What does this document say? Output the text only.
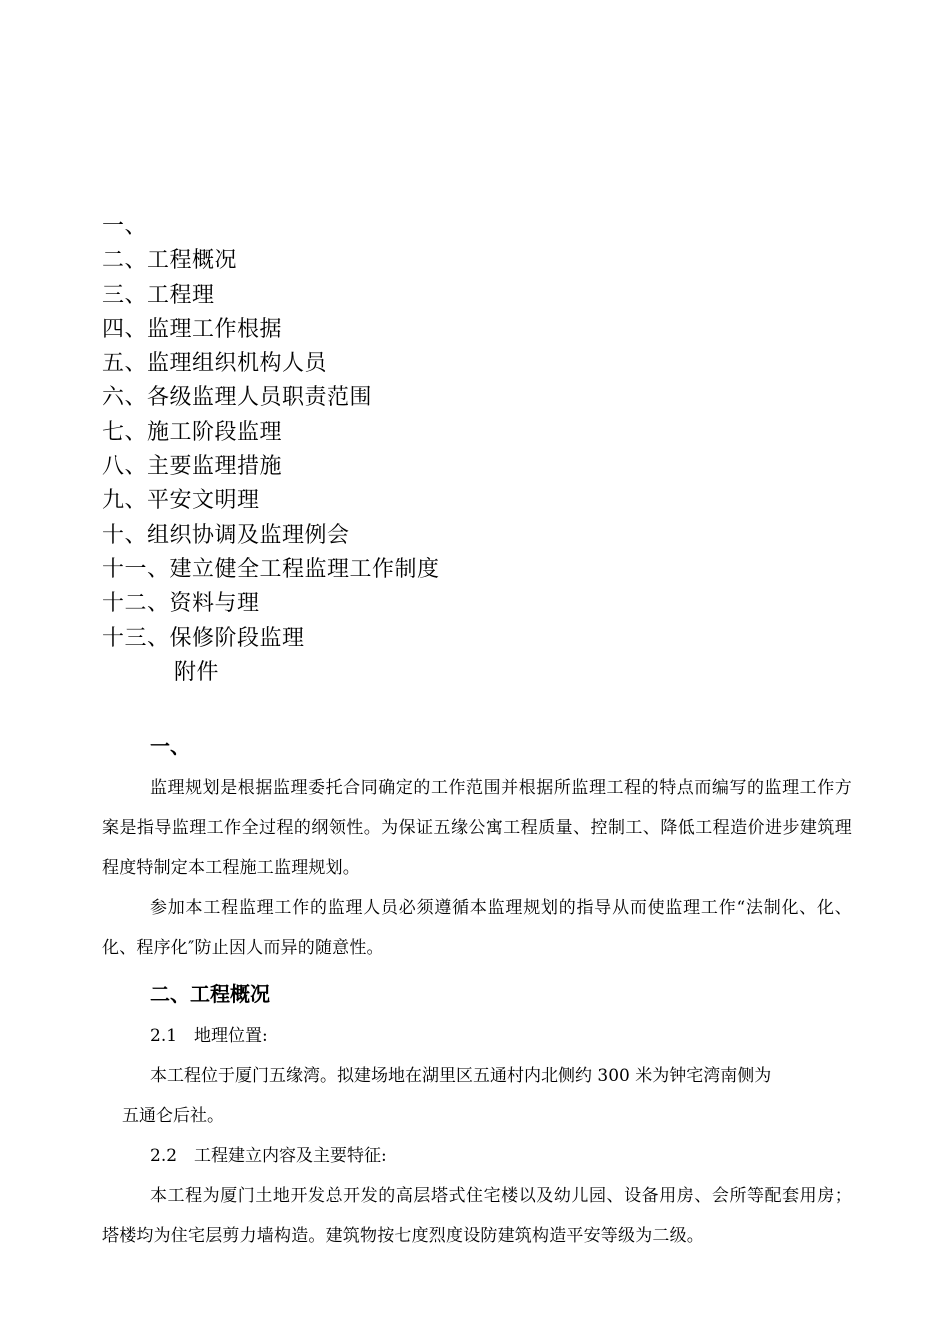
一、
二、工程概况
三、工程理
四、监理工作根据
五、监理组织机构人员
六、各级监理人员职责范围
七、施工阶段监理
八、主要监理措施
九、平安文明理
十、组织协调及监理例会
十一、建立健全工程监理工作制度
十二、资料与理
十三、保修阶段监理
附件
一、
监理规划是根据监理委托合同确定的工作范围并根据所监理工程的特点而编写的监理工作方案是指导监理工作全过程的纲领性。为保证五缘公寓工程质量、控制工、降低工程造价进步建筑理程度特制定本工程施工监理规划。
参加本工程监理工作的监理人员必须遵循本监理规划的指导从而使监理工作“法制化、化、化、程序化″防止因人而异的随意性。
二、工程概况
2.1　地理位置:
本工程位于厦门五缘湾。拟建场地在湖里区五通村内北侧约 300 米为钟宅湾南侧为
五通仑后社。
2.2　工程建立内容及主要特征:
本工程为厦门土地开发总开发的高层塔式住宅楼以及幼儿园、设备用房、会所等配套用房；塔楼均为住宅层剪力墙构造。建筑物按七度烈度设防建筑构造平安等级为二级。
